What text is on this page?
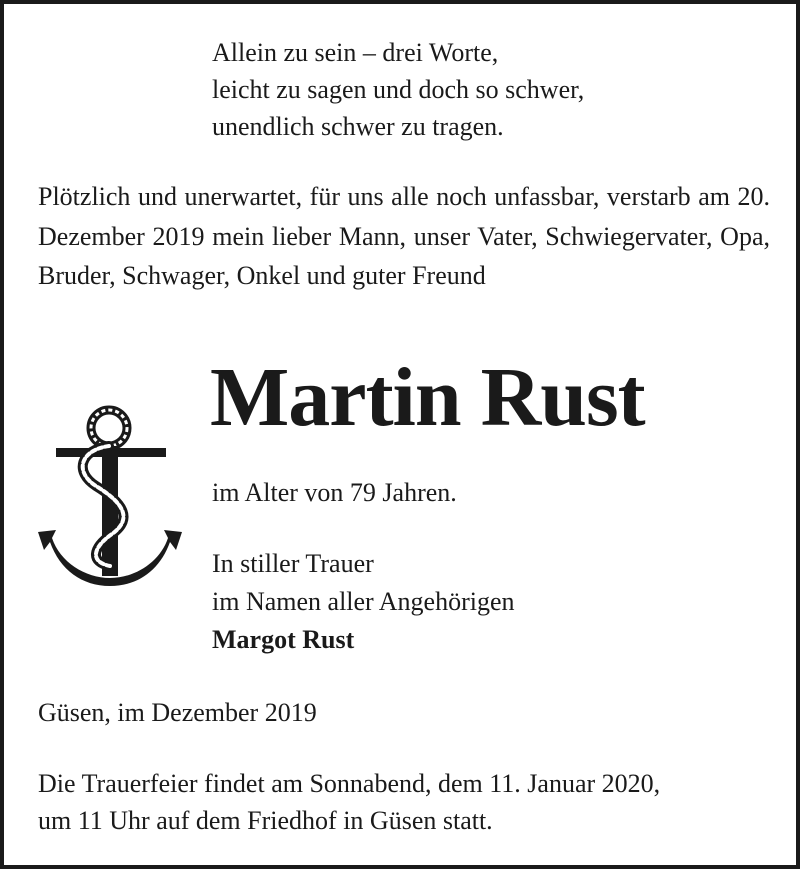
Allein zu sein – drei Worte,
leicht zu sagen und doch so schwer,
unendlich schwer zu tragen.
Plötzlich und unerwartet, für uns alle noch unfassbar, verstarb am 20. Dezember 2019 mein lieber Mann, unser Vater, Schwiegervater, Opa, Bruder, Schwager, Onkel und guter Freund
Martin Rust
im Alter von 79 Jahren.
In stiller Trauer
im Namen aller Angehörigen
Margot Rust
Güsen, im Dezember 2019
Die Trauerfeier findet am Sonnabend, dem 11. Januar 2020,
um 11 Uhr auf dem Friedhof in Güsen statt.
